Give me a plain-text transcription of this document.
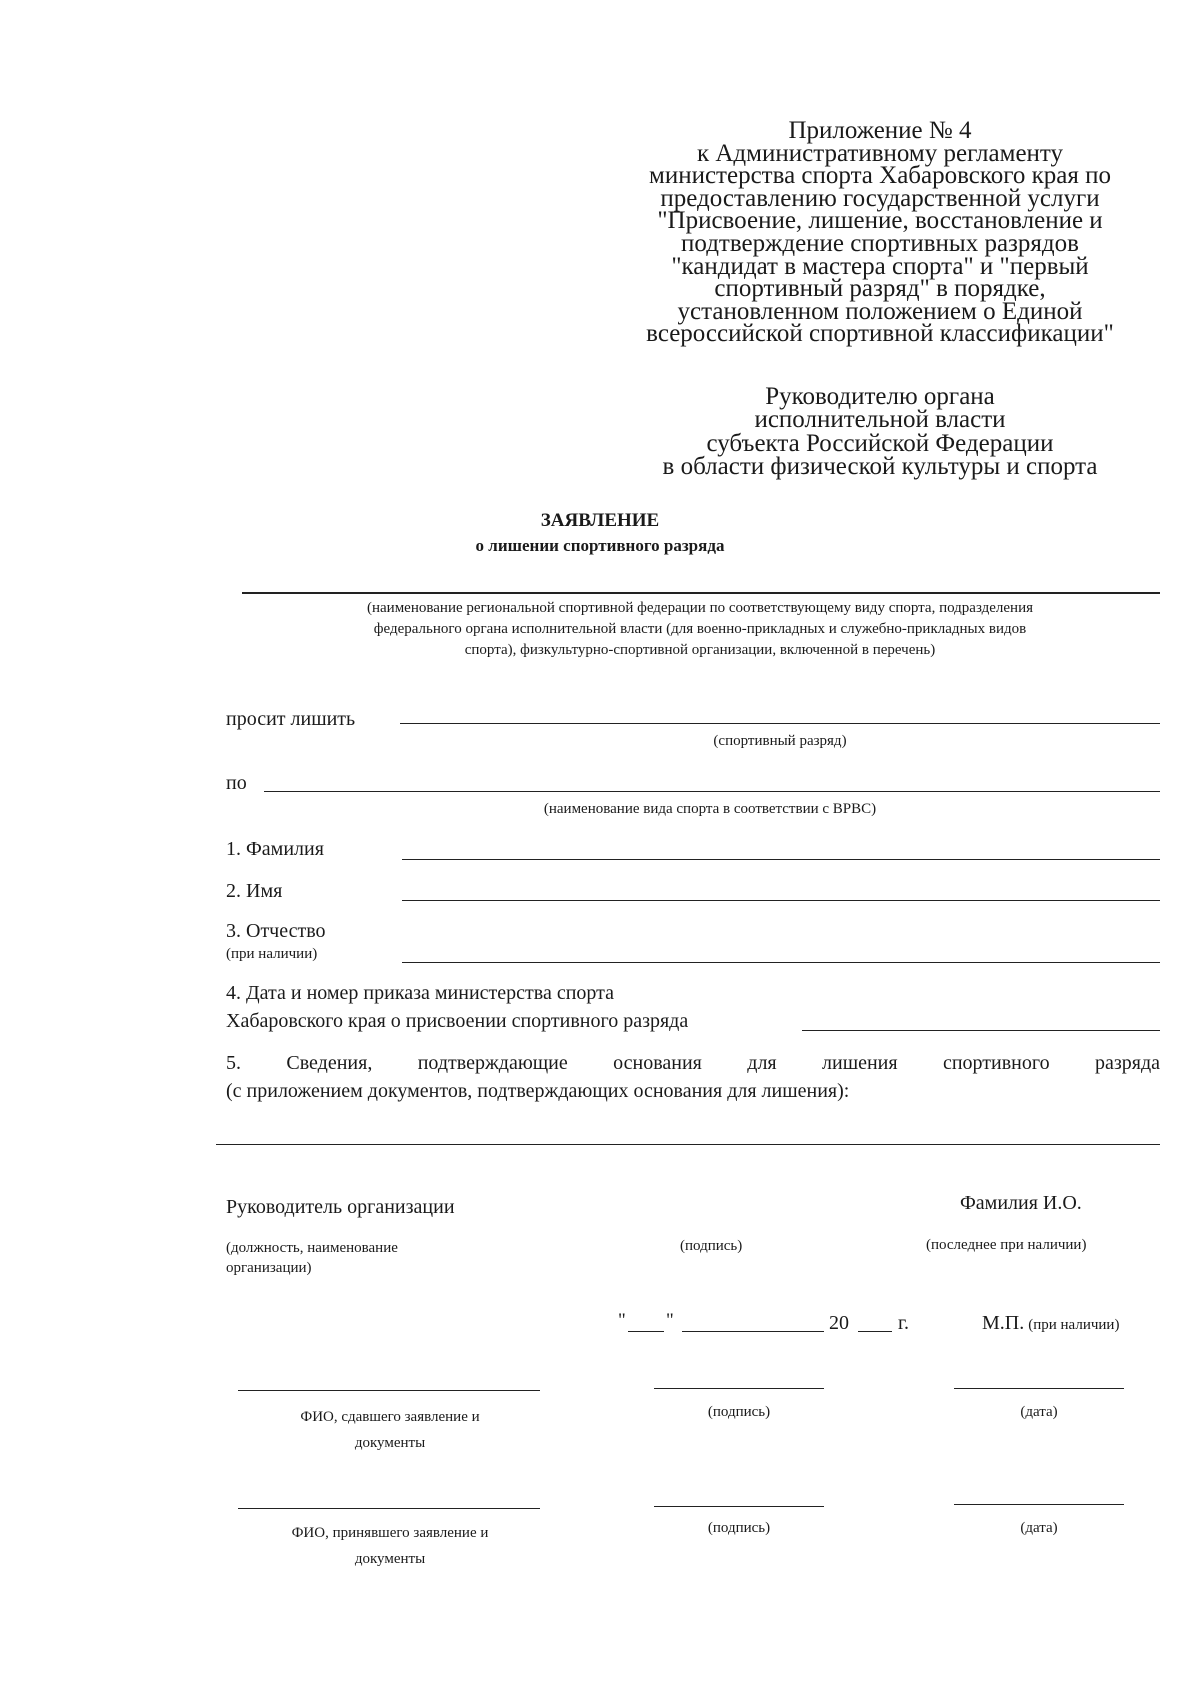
Приложение № 4
к Административному регламенту
министерства спорта Хабаровского края по
предоставлению государственной услуги
"Присвоение, лишение, восстановление и
подтверждение спортивных разрядов
"кандидат в мастера спорта" и "первый
спортивный разряд" в порядке,
установленном положением о Единой
всероссийской спортивной классификации"
Руководителю органа
исполнительной власти
субъекта Российской Федерации
в области физической культуры и спорта
ЗАЯВЛЕНИЕ
о лишении спортивного разряда
(наименование региональной спортивной федерации по соответствующему виду спорта, подразделения
федерального органа исполнительной власти (для военно-прикладных и служебно-прикладных видов
спорта), физкультурно-спортивной организации, включенной в перечень)
просит лишить
(спортивный разряд)
по
(наименование вида спорта в соответствии с ВРВС)
1. Фамилия
2. Имя
3. Отчество
(при наличии)
4. Дата и номер приказа министерства спорта
Хабаровского края о присвоении спортивного разряда
5. Сведения, подтверждающие основания для лишения спортивного разряда
(с приложением документов, подтверждающих основания для лишения):
Руководитель организации	Фамилия И.О.
(должность, наименование
организации)
(подпись)	(последнее при наличии)
" "	20 г.	М.П. (при наличии)
ФИО, сдавшего заявление и
документы
(подпись)	(дата)
ФИО, принявшего заявление и
документы
(подпись)	(дата)
